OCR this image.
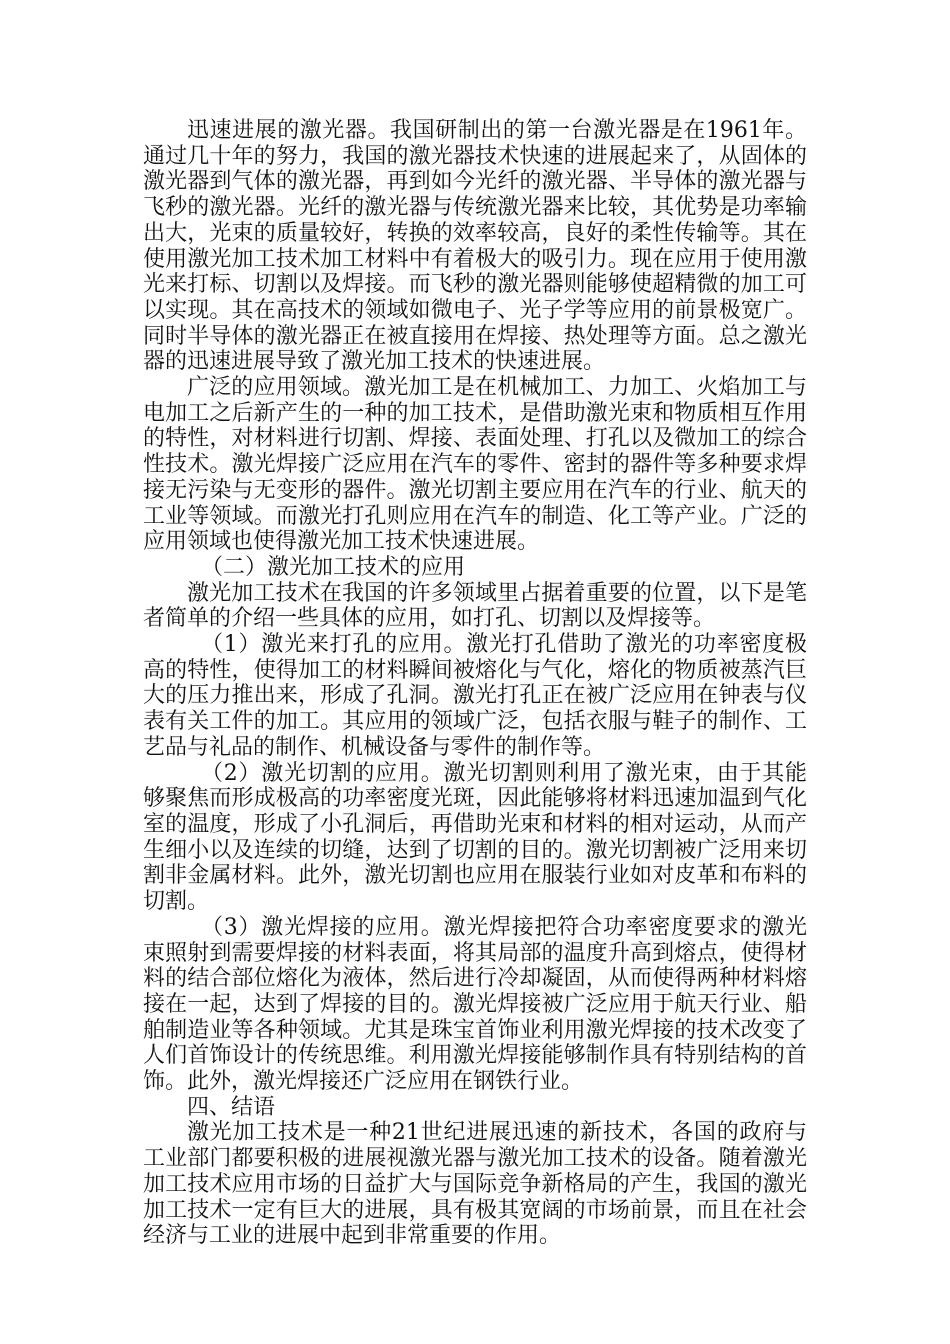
迅速进展的激光器。我国研制出的第一台激光器是在1961年。通过几十年的努力，我国的激光器技术快速的进展起来了，从固体的激光器到气体的激光器，再到如今光纤的激光器、半导体的激光器与飞秒的激光器。光纤的激光器与传统激光器来比较，其优势是功率输出大，光束的质量较好，转换的效率较高，良好的柔性传输等。其在使用激光加工技术加工材料中有着极大的吸引力。现在应用于使用激光来打标、切割以及焊接。而飞秒的激光器则能够使超精微的加工可以实现。其在高技术的领域如微电子、光子学等应用的前景极宽广。同时半导体的激光器正在被直接用在焊接、热处理等方面。总之激光器的迅速进展导致了激光加工技术的快速进展。

广泛的应用领域。激光加工是在机械加工、力加工、火焰加工与电加工之后新产生的一种的加工技术，是借助激光束和物质相互作用的特性，对材料进行切割、焊接、表面处理、打孔以及微加工的综合性技术。激光焊接广泛应用在汽车的零件、密封的器件等多种要求焊接无污染与无变形的器件。激光切割主要应用在汽车的行业、航天的工业等领域。而激光打孔则应用在汽车的制造、化工等产业。广泛的应用领域也使得激光加工技术快速进展。

（二）激光加工技术的应用

激光加工技术在我国的许多领域里占据着重要的位置，以下是笔者简单的介绍一些具体的应用，如打孔、切割以及焊接等。

（1）激光来打孔的应用。激光打孔借助了激光的功率密度极高的特性，使得加工的材料瞬间被熔化与气化，熔化的物质被蒸汽巨大的压力推出来，形成了孔洞。激光打孔正在被广泛应用在钟表与仪表有关工件的加工。其应用的领域广泛，包括衣服与鞋子的制作、工艺品与礼品的制作、机械设备与零件的制作等。

（2）激光切割的应用。激光切割则利用了激光束，由于其能够聚焦而形成极高的功率密度光斑，因此能够将材料迅速加温到气化室的温度，形成了小孔洞后，再借助光束和材料的相对运动，从而产生细小以及连续的切缝，达到了切割的目的。激光切割被广泛用来切割非金属材料。此外，激光切割也应用在服装行业如对皮革和布料的切割。

（3）激光焊接的应用。激光焊接把符合功率密度要求的激光束照射到需要焊接的材料表面，将其局部的温度升高到熔点，使得材料的结合部位熔化为液体，然后进行冷却凝固，从而使得两种材料熔接在一起，达到了焊接的目的。激光焊接被广泛应用于航天行业、船舶制造业等各种领域。尤其是珠宝首饰业利用激光焊接的技术改变了人们首饰设计的传统思维。利用激光焊接能够制作具有特别结构的首饰。此外，激光焊接还广泛应用在钢铁行业。

四、结语

激光加工技术是一种21世纪进展迅速的新技术，各国的政府与工业部门都要积极的进展视激光器与激光加工技术的设备。随着激光加工技术应用市场的日益扩大与国际竞争新格局的产生，我国的激光加工技术一定有巨大的进展，具有极其宽阔的市场前景，而且在社会经济与工业的进展中起到非常重要的作用。
